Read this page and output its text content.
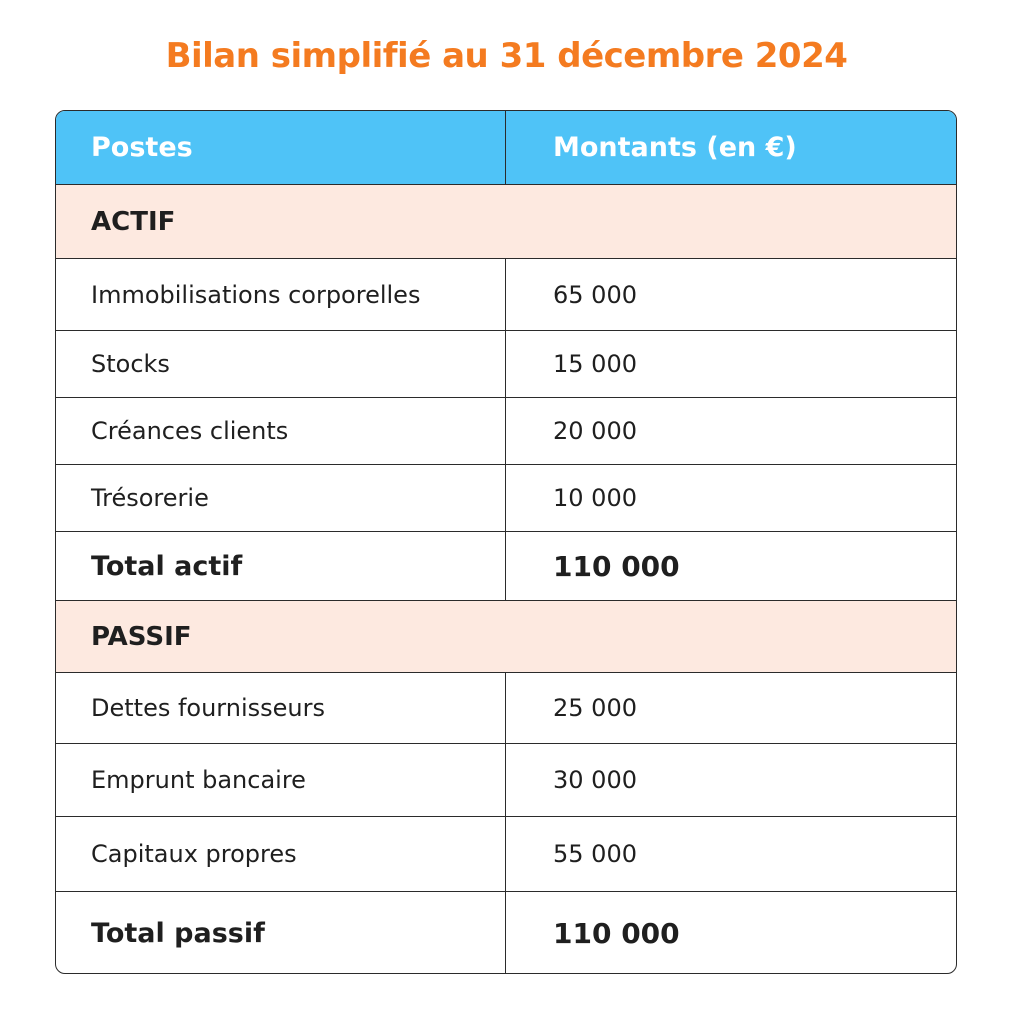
Bilan simplifié au 31 décembre 2024
Postes	Montants (en €)
ACTIF
Immobilisations corporelles	65 000
Stocks	15 000
Créances clients	20 000
Trésorerie	10 000
Total actif	110 000
PASSIF
Dettes fournisseurs	25 000
Emprunt bancaire	30 000
Capitaux propres	55 000
Total passif	110 000
